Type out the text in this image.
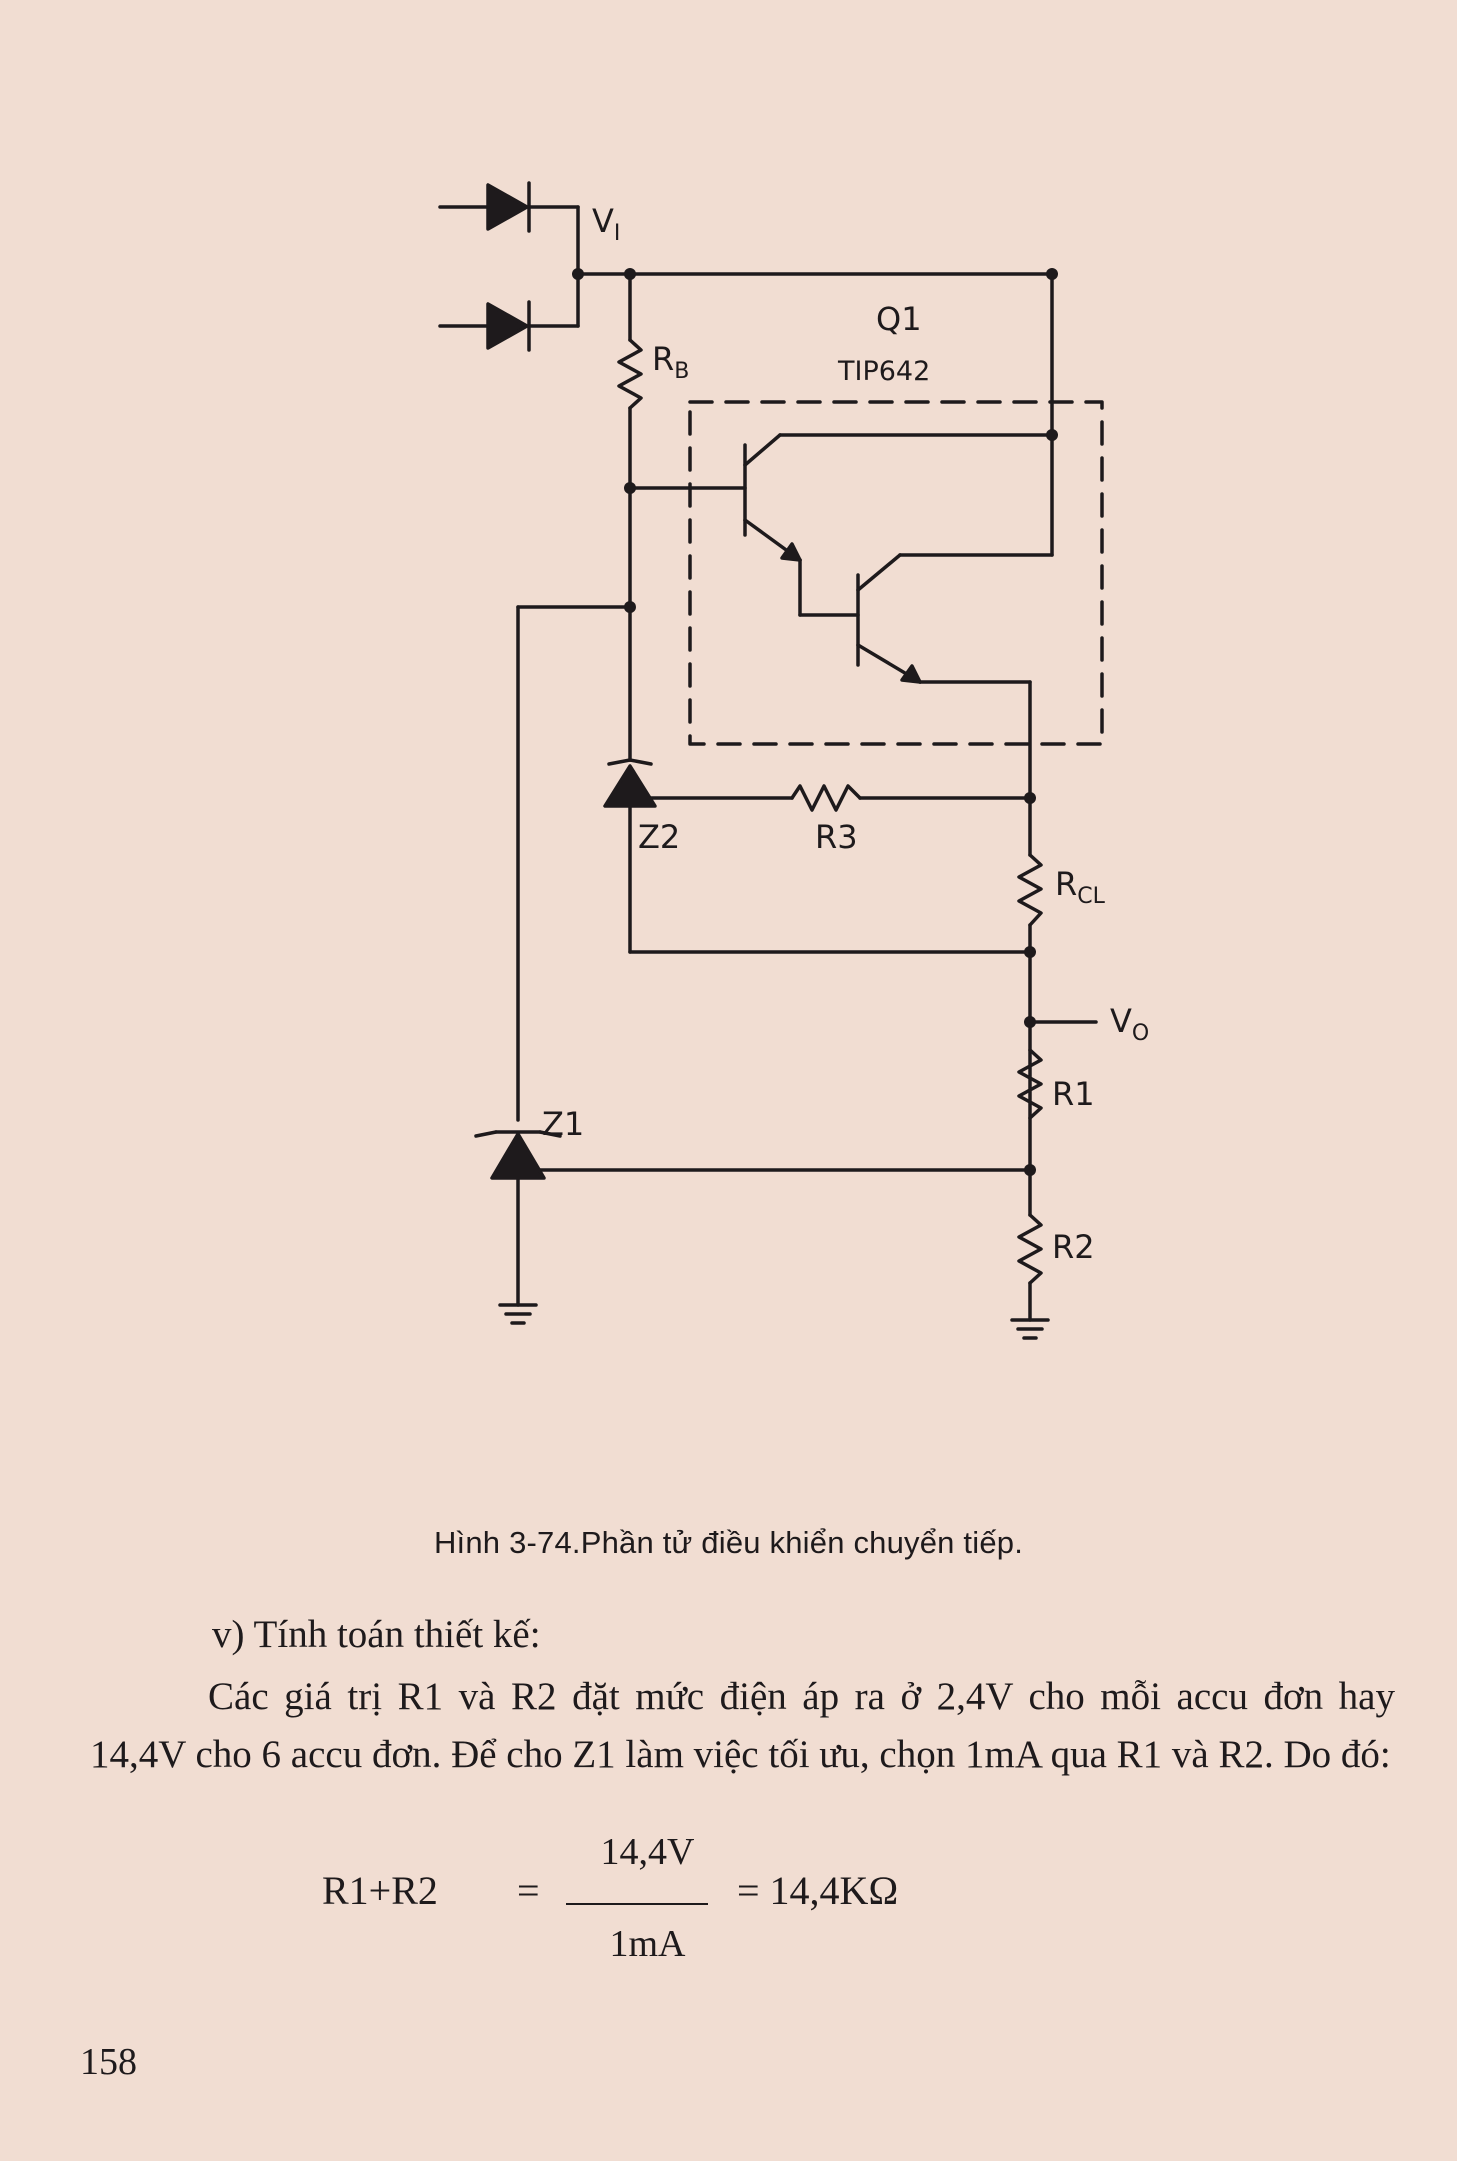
$V_I$
Q1
TIP642
$R_B$
Z2	R3
$R_{CL}$
$V_O$
R1
Z1
R2
Hình 3-74.Phần tử điều khiển chuyển tiếp.
v) Tính toán thiết kế:
Các giá trị R1 và R2 đặt mức điện áp ra ở 2,4V cho mỗi accu đơn hay 14,4V cho 6 accu đơn. Để cho Z1 làm việc tối ưu, chọn 1mA qua R1 và R2. Do đó:
R1+R2 =
14,4V
1mA
= 14,4KΩ
158
